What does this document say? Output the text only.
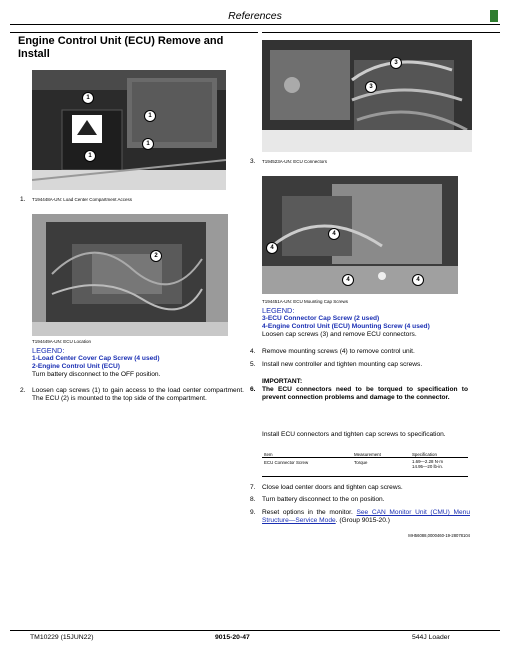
References
Engine Control Unit (ECU) Remove and Install
1
1
1
1
1. T194448A-UN: Load Center Compartment Access
2
T194449A-UN: ECU Location
LEGEND:
1-Load Center Cover Cap Screw (4 used)
2-Engine Control Unit (ECU)
Turn battery disconnect to the OFF position.
2. Loosen cap screws (1) to gain access to the load center compartment. The ECU (2) is mounted to the top side of the compartment.
3
3
3. T194523A-UN: ECU Connectors
4
4
4	4
T194451A-UN: ECU Mounting Cap Screws
LEGEND:
3-ECU Connector Cap Screw (2 used)
4-Engine Control Unit (ECU) Mounting Screw (4 used)
Loosen cap screws (3) and remove ECU connectors.
4. Remove mounting screws (4) to remove control unit.
5. Install new controller and tighten mounting cap screws.
IMPORTANT:
6. The ECU connectors need to be torqued to specification to prevent connection problems and damage to the connector.
Install ECU connectors and tighten cap screws to specification.
Item	Measurement	Specification
ECU Connector Screw	Torque	1.69—2.28 N·m
14.95—20 lb-in.
7. Close load center doors and tighten cap screws.
8. Turn battery disconnect to the on position.
9. Reset options in the monitor. See CAN Monitor Unit (CMU) Menu Structure—Service Mode. (Group 9015-20.)
MH56088,0000460-19-28078104
TM10229 (15JUN22)	9015-20-47	544J Loader
